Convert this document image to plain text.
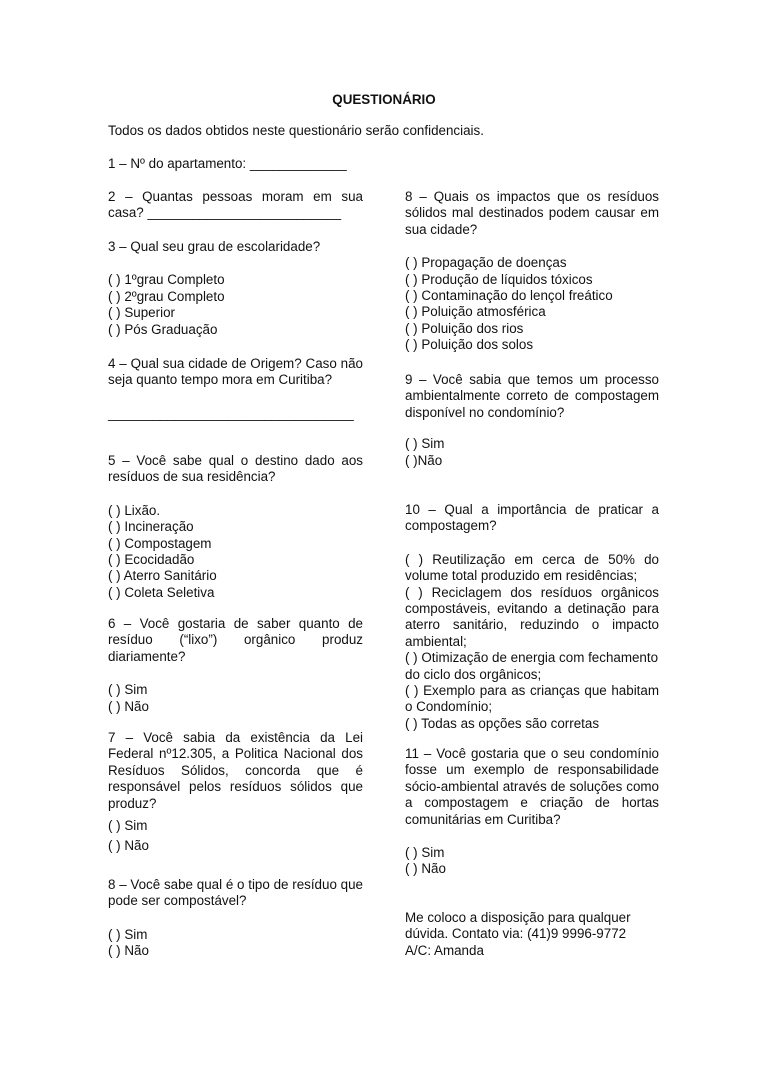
QUESTIONÁRIO
Todos os dados obtidos neste questionário serão confidenciais.
1 – Nº do apartamento: _____________
2 – Quantas pessoas moram em sua casa? __________________________
3 – Qual seu grau de escolaridade?
( ) 1ºgrau Completo
( ) 2ºgrau Completo
( ) Superior
( ) Pós Graduação
4 – Qual sua cidade de Origem? Caso não seja quanto tempo mora em Curitiba?
_________________________________
5 – Você sabe qual o destino dado aos resíduos de sua residência?
( ) Lixão.
( ) Incineração
( ) Compostagem
( ) Ecocidadão
( ) Aterro Sanitário
( ) Coleta Seletiva
6 – Você gostaria de saber quanto de resíduo (“lixo”) orgânico produz diariamente?
( ) Sim
( ) Não
7 – Você sabia da existência da Lei Federal nº12.305, a Politica Nacional dos Resíduos Sólidos, concorda que é responsável pelos resíduos sólidos que produz?
( ) Sim
( ) Não
8 – Você sabe qual é o tipo de resíduo que pode ser compostável?
( ) Sim
( ) Não
8 – Quais os impactos que os resíduos sólidos mal destinados podem causar em sua cidade?
( ) Propagação de doenças
( ) Produção de líquidos tóxicos
( ) Contaminação do lençol freático
( ) Poluição atmosférica
( ) Poluição dos rios
( ) Poluição dos solos
9 – Você sabia que temos um processo ambientalmente correto de compostagem disponível no condomínio?
( ) Sim
( )Não
10 – Qual a importância de praticar a compostagem?
( ) Reutilização em cerca de 50% do volume total produzido em residências;
( ) Reciclagem dos resíduos orgânicos compostáveis, evitando a detinação para aterro sanitário, reduzindo o impacto ambiental;
( ) Otimização de energia com fechamento do ciclo dos orgânicos;
( ) Exemplo para as crianças que habitam o Condomínio;
( ) Todas as opções são corretas
11 – Você gostaria que o seu condomínio fosse um exemplo de responsabilidade sócio-ambiental através de soluções como a compostagem e criação de hortas comunitárias em Curitiba?
( ) Sim
( ) Não
Me coloco a disposição para qualquer dúvida. Contato via: (41)9 9996-9772
A/C: Amanda
